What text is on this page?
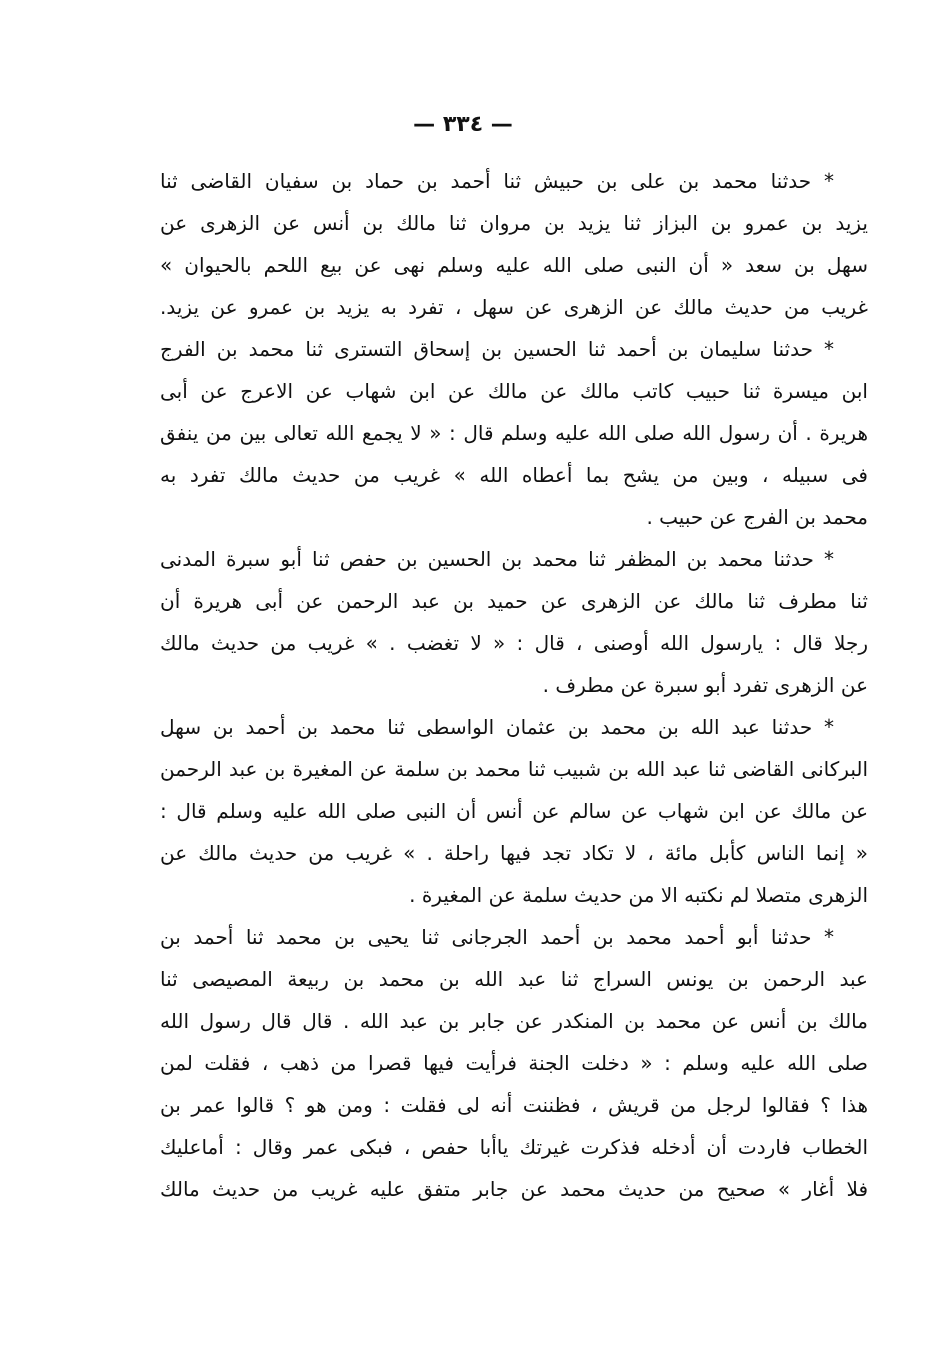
— ٣٣٤ —
* حدثنا محمد بن على بن حبيش ثنا أحمد بن حماد بن سفيان القاضى ثنا
يزيد بن عمرو بن البزاز ثنا يزيد بن مروان ثنا مالك بن أنس عن الزهرى عن
سهل بن سعد « أن النبى صلى الله عليه وسلم نهى عن بيع اللحم بالحيوان »
غريب من حديث مالك عن الزهرى عن سهل ، تفرد به يزيد بن عمرو عن يزيد.
* حدثنا سليمان بن أحمد ثنا الحسين بن إسحاق التسترى ثنا محمد بن الفرج
ابن ميسرة ثنا حبيب كاتب مالك عن مالك عن ابن شهاب عن الاعرج عن أبى
هريرة . أن رسول الله صلى الله عليه وسلم قال : « لا يجمع الله تعالى بين من ينفق
فى سبيله ، وبين من يشح بما أعطاه الله » غريب من حديث مالك تفرد به
محمد بن الفرج عن حبيب .
* حدثنا محمد بن المظفر ثنا محمد بن الحسين بن حفص ثنا أبو سبرة المدنى
ثنا مطرف ثنا مالك عن الزهرى عن حميد بن عبد الرحمن عن أبى هريرة أن
رجلا قال : يارسول الله أوصنى ، قال : « لا تغضب . » غريب من حديث مالك
عن الزهرى تفرد أبو سبرة عن مطرف .
* حدثنا عبد الله بن محمد بن عثمان الواسطى ثنا محمد بن أحمد بن سهل
البركانى القاضى ثنا عبد الله بن شبيب ثنا محمد بن سلمة عن المغيرة بن عبد الرحمن
عن مالك عن ابن شهاب عن سالم عن أنس أن النبى صلى الله عليه وسلم قال :
« إنما الناس كأبل مائة ، لا تكاد تجد فيها راحلة . » غريب من حديث مالك عن
الزهرى متصلا لم نكتبه الا من حديث سلمة عن المغيرة .
* حدثنا أبو أحمد محمد بن أحمد الجرجانى ثنا يحيى بن محمد ثنا أحمد بن
عبد الرحمن بن يونس السراج ثنا عبد الله بن محمد بن ربيعة المصيصى ثنا
مالك بن أنس عن محمد بن المنكدر عن جابر بن عبد الله . قال قال رسول الله
صلى الله عليه وسلم : « دخلت الجنة فرأيت فيها قصرا من ذهب ، فقلت لمن
هذا ؟ فقالوا لرجل من قريش ، فظننت أنه لى فقلت : ومن هو ؟ قالوا عمر بن
الخطاب فاردت أن أدخله فذكرت غيرتك ياأبا حفص ، فبكى عمر وقال : أماعليك
فلا أغار » صحيح من حديث محمد عن جابر متفق عليه غريب من حديث مالك
